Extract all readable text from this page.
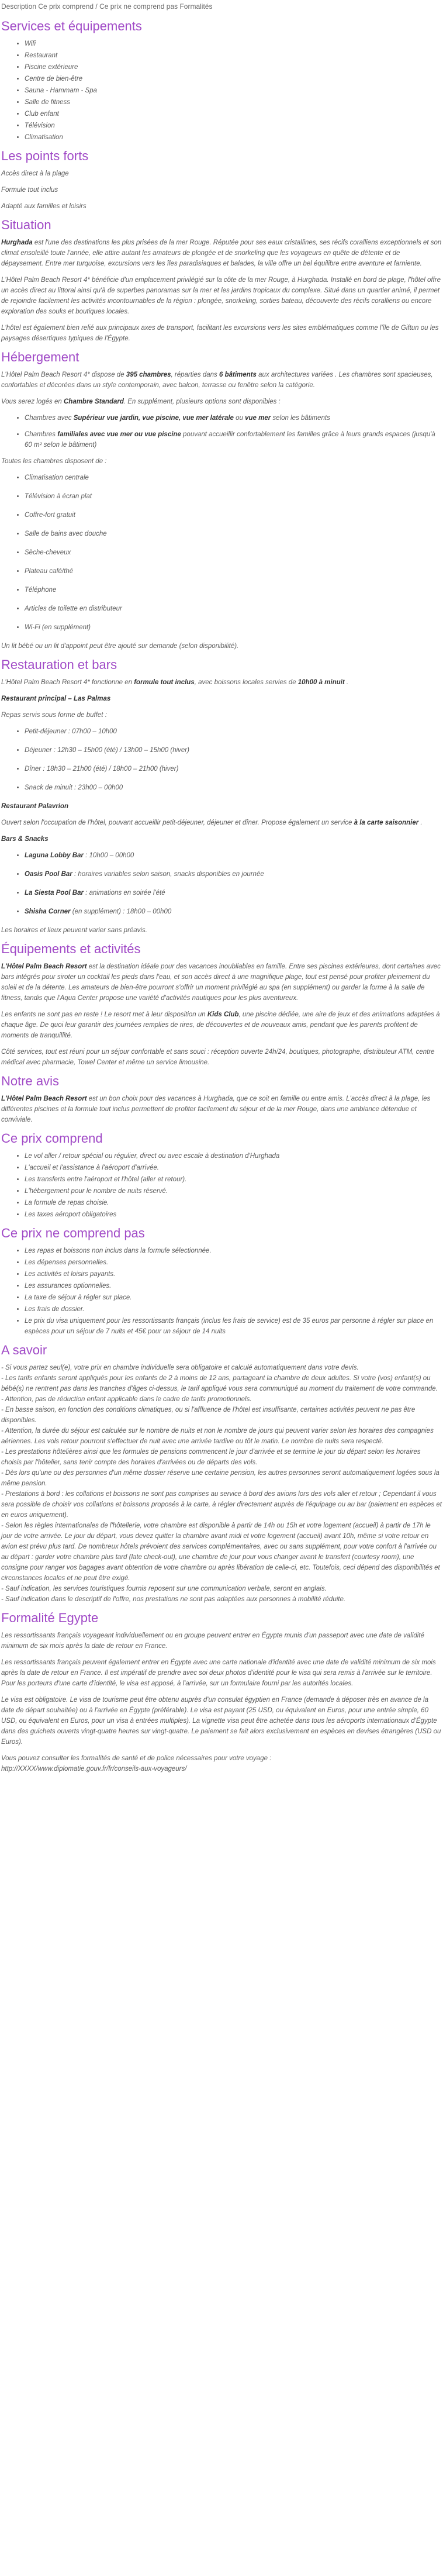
Description Ce prix comprend / Ce prix ne comprend pas Formalités

Services et équipements
• Wifi
• Restaurant
• Piscine extérieure
• Centre de bien-être
• Sauna - Hammam - Spa
• Salle de fitness
• Club enfant
• Télévision
• Climatisation
Les points forts

Accès direct à la plage

Formule tout inclus

Adapté aux familles et loisirs

Situation

Hurghada est l'une des destinations les plus prisées de la mer Rouge. Réputée pour ses eaux cristallines, ses récifs coralliens exceptionnels et son climat ensoleillé toute l'année, elle attire autant les amateurs de plongée et de snorkeling que les voyageurs en quête de détente et de dépaysement. Entre mer turquoise, excursions vers les îles paradisiaques et balades, la ville offre un bel équilibre entre aventure et farniente.

L'Hôtel Palm Beach Resort 4* bénéficie d'un emplacement privilégié sur la côte de la mer Rouge, à Hurghada. Installé en bord de plage, l'hôtel offre un accès direct au littoral ainsi qu'à de superbes panoramas sur la mer et les jardins tropicaux du complexe. Situé dans un quartier animé, il permet de rejoindre facilement les activités incontournables de la région : plongée, snorkeling, sorties bateau, découverte des récifs coralliens ou encore exploration des souks et boutiques locales.

L'hôtel est également bien relié aux principaux axes de transport, facilitant les excursions vers les sites emblématiques comme l'île de Giftun ou les paysages désertiques typiques de l'Égypte.

Hébergement

L'Hôtel Palm Beach Resort 4* dispose de 395 chambres, réparties dans 6 bâtiments aux architectures variées . Les chambres sont spacieuses, confortables et décorées dans un style contemporain, avec balcon, terrasse ou fenêtre selon la catégorie.

Vous serez logés en Chambre Standard. En supplément, plusieurs options sont disponibles :

• Chambres avec Supérieur vue jardin, vue piscine, vue mer latérale ou vue mer selon les bâtiments
• Chambres familiales avec vue mer ou vue piscine pouvant accueillir confortablement les familles grâce à leurs grands espaces (jusqu'à 60 m² selon le bâtiment)

Toutes les chambres disposent de :

• Climatisation centrale
• Télévision à écran plat
• Coffre-fort gratuit
• Salle de bains avec douche
• Sèche-cheveux
• Plateau café/thé
• Téléphone
• Articles de toilette en distributeur
• Wi-Fi (en supplément)

Un lit bébé ou un lit d'appoint peut être ajouté sur demande (selon disponibilité).

Restauration et bars

L'Hôtel Palm Beach Resort 4* fonctionne en formule tout inclus, avec boissons locales servies de 10h00 à minuit .

Restaurant principal – Las Palmas

Repas servis sous forme de buffet :

• Petit-déjeuner : 07h00 – 10h00
• Déjeuner : 12h30 – 15h00 (été) / 13h00 – 15h00 (hiver)
• Dîner : 18h30 – 21h00 (été) / 18h00 – 21h00 (hiver)
• Snack de minuit : 23h00 – 00h00

Restaurant Palavrion

Ouvert selon l'occupation de l'hôtel, pouvant accueillir petit-déjeuner, déjeuner et dîner. Propose également un service à la carte saisonnier .

Bars & Snacks

• Laguna Lobby Bar : 10h00 – 00h00
• Oasis Pool Bar : horaires variables selon saison, snacks disponibles en journée
• La Siesta Pool Bar : animations en soirée l'été
• Shisha Corner (en supplément) : 18h00 – 00h00

Les horaires et lieux peuvent varier sans préavis.

Équipements et activités

L'Hôtel Palm Beach Resort est la destination idéale pour des vacances inoubliables en famille. Entre ses piscines extérieures, dont certaines avec bars intégrés pour siroter un cocktail les pieds dans l'eau, et son accès direct à une magnifique plage, tout est pensé pour profiter pleinement du soleil et de la détente. Les amateurs de bien-être pourront s'offrir un moment privilégié au spa (en supplément) ou garder la forme à la salle de fitness, tandis que l'Aqua Center propose une variété d'activités nautiques pour les plus aventureux.

Les enfants ne sont pas en reste ! Le resort met à leur disposition un Kids Club, une piscine dédiée, une aire de jeux et des animations adaptées à chaque âge. De quoi leur garantir des journées remplies de rires, de découvertes et de nouveaux amis, pendant que les parents profitent de moments de tranquillité.

Côté services, tout est réuni pour un séjour confortable et sans souci : réception ouverte 24h/24, boutiques, photographe, distributeur ATM, centre médical avec pharmacie, Towel Center et même un service limousine.

Notre avis

L'Hôtel Palm Beach Resort est un bon choix pour des vacances à Hurghada, que ce soit en famille ou entre amis. L'accès direct à la plage, les différentes piscines et la formule tout inclus permettent de profiter facilement du séjour et de la mer Rouge, dans une ambiance détendue et conviviale.

Ce prix comprend
• Le vol aller / retour spécial ou régulier, direct ou avec escale à destination d'Hurghada
• L'accueil et l'assistance à l'aéroport d'arrivée.
• Les transferts entre l'aéroport et l'hôtel (aller et retour).
• L'hébergement pour le nombre de nuits réservé.
• La formule de repas choisie.
• Les taxes aéroport obligatoires
Ce prix ne comprend pas
• Les repas et boissons non inclus dans la formule sélectionnée.
• Les dépenses personnelles.
• Les activités et loisirs payants.
• Les assurances optionnelles.
• La taxe de séjour à régler sur place.
• Les frais de dossier.
• Le prix du visa uniquement pour les ressortissants français (inclus les frais de service) est de 35 euros par personne à régler sur place en espèces pour un séjour de 7 nuits et 45€ pour un séjour de 14 nuits
A savoir

- Si vous partez seul(e), votre prix en chambre individuelle sera obligatoire et calculé automatiquement dans votre devis.

- Les tarifs enfants seront appliqués pour les enfants de 2 à moins de 12 ans, partageant la chambre de deux adultes. Si votre (vos) enfant(s) ou bébé(s) ne rentrent pas dans les tranches d'âges ci-dessus, le tarif appliqué vous sera communiqué au moment du traitement de votre commande.

- Attention, pas de réduction enfant applicable dans le cadre de tarifs promotionnels.

- En basse saison, en fonction des conditions climatiques, ou si l'affluence de l'hôtel est insuffisante, certaines activités peuvent ne pas être disponibles.

- Attention, la durée du séjour est calculée sur le nombre de nuits et non le nombre de jours qui peuvent varier selon les horaires des compagnies aériennes. Les vols retour pourront s'effectuer de nuit avec une arrivée tardive ou tôt le matin. Le nombre de nuits sera respecté.

- Les prestations hôtelières ainsi que les formules de pensions commencent le jour d'arrivée et se termine le jour du départ selon les horaires choisis par l'hôtelier, sans tenir compte des horaires d'arrivées ou de départs des vols.

- Dès lors qu'une ou des personnes d'un même dossier réserve une certaine pension, les autres personnes seront automatiquement logées sous la même pension.

- Prestations à bord : les collations et boissons ne sont pas comprises au service à bord des avions lors des vols aller et retour ; Cependant il vous sera possible de choisir vos collations et boissons proposés à la carte, à régler directement auprès de l'équipage ou au bar (paiement en espèces et en euros uniquement).

- Selon les règles internationales de l'hôtellerie, votre chambre est disponible à partir de 14h ou 15h et votre logement (accueil) à partir de 17h le jour de votre arrivée. Le jour du départ, vous devez quitter la chambre avant midi et votre logement (accueil) avant 10h, même si votre retour en avion est prévu plus tard. De nombreux hôtels prévoient des services complémentaires, avec ou sans supplément, pour votre confort à l'arrivée ou au départ : garder votre chambre plus tard (late check-out), une chambre de jour pour vous changer avant le transfert (courtesy room), une consigne pour ranger vos bagages avant obtention de votre chambre ou après libération de celle-ci, etc. Toutefois, ceci dépend des disponibilités et circonstances locales et ne peut être exigé.

- Sauf indication, les services touristiques fournis reposent sur une communication verbale, seront en anglais.

- Sauf indication dans le descriptif de l'offre, nos prestations ne sont pas adaptées aux personnes à mobilité réduite.

Formalité Egypte

Les ressortissants français voyageant individuellement ou en groupe peuvent entrer en Égypte munis d'un passeport avec une date de validité minimum de six mois après la date de retour en France.

Les ressortissants français peuvent également entrer en Égypte avec une carte nationale d'identité avec une date de validité minimum de six mois après la date de retour en France. Il est impératif de prendre avec soi deux photos d'identité pour le visa qui sera remis à l'arrivée sur le territoire. Pour les porteurs d'une carte d'identité, le visa est apposé, à l'arrivée, sur un formulaire fourni par les autorités locales.

Le visa est obligatoire. Le visa de tourisme peut être obtenu auprès d'un consulat égyptien en France (demande à déposer très en avance de la date de départ souhaitée) ou à l'arrivée en Égypte (préférable). Le visa est payant (25 USD, ou équivalent en Euros, pour une entrée simple, 60 USD, ou équivalent en Euros, pour un visa à entrées multiples). La vignette visa peut être achetée dans tous les aéroports internationaux d'Égypte dans des guichets ouverts vingt-quatre heures sur vingt-quatre. Le paiement se fait alors exclusivement en espèces en devises étrangères (USD ou Euros).

Vous pouvez consulter les formalités de santé et de police nécessaires pour votre voyage :

http://XXXX/www.diplomatie.gouv.fr/fr/conseils-aux-voyageurs/
